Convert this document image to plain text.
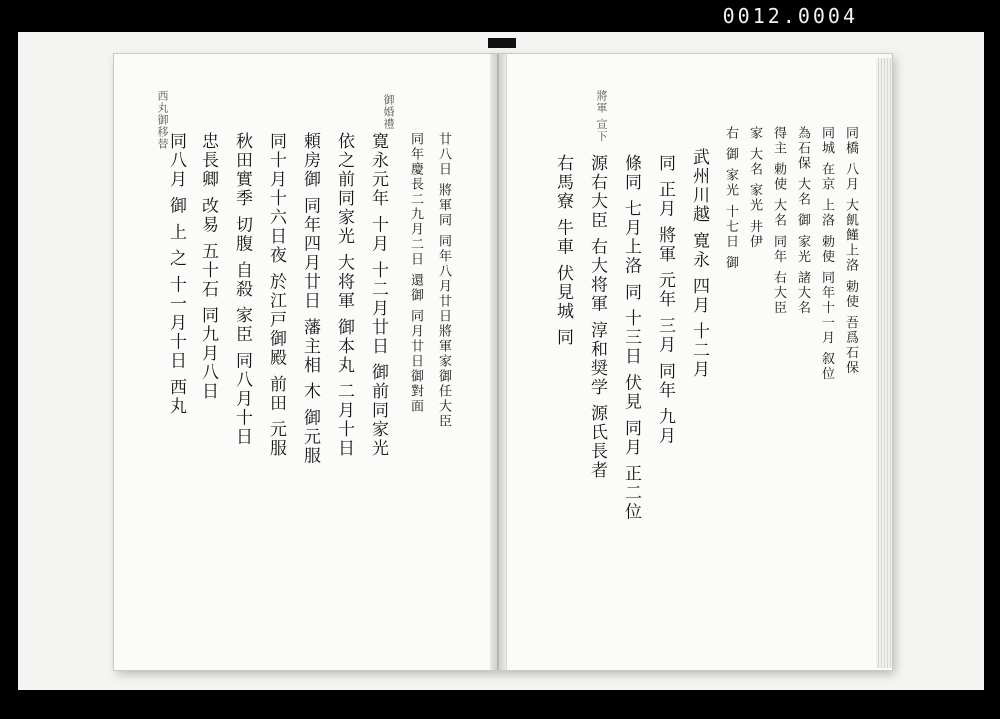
0012.0004
西丸御移替	御婚禮
廿八日 將軍同 同年八月廿日將軍家御任大臣
同年慶長二九月二日 還御 同月廿日御對面
寛永元年 十月 十二月廿日 御前同家光
依之前同家光 大将軍 御本丸 二月十日
頼房御 同年四月廿日 藩主相 木 御元服
同十月十六日夜 於江戸御殿 前田 元服
秋田實季 切腹 自殺 家臣 同八月十日
忠長卿 改易 五十石 同九月八日
同八月 御 上 之 十一月十日 西丸
將軍 宣下
同橋 八月 大飢饉上洛 勅使 吾爲石保
同城 在京 上洛 勅使 同年十一月 叙位
為石保 大名 御 家光 諸大名
得主 勅使 大名 同年 右大臣
家 大名 家光 井伊
右 御 家光 十七日 御
武州川越 寛永 四月 十二月
同 正月 將軍 元年 三月 同年 九月
條同 七月上洛 同 十三日 伏見 同月 正二位
源右大臣 右大将軍 淳和奨学 源氏長者
右馬寮 牛車 伏見城 同
